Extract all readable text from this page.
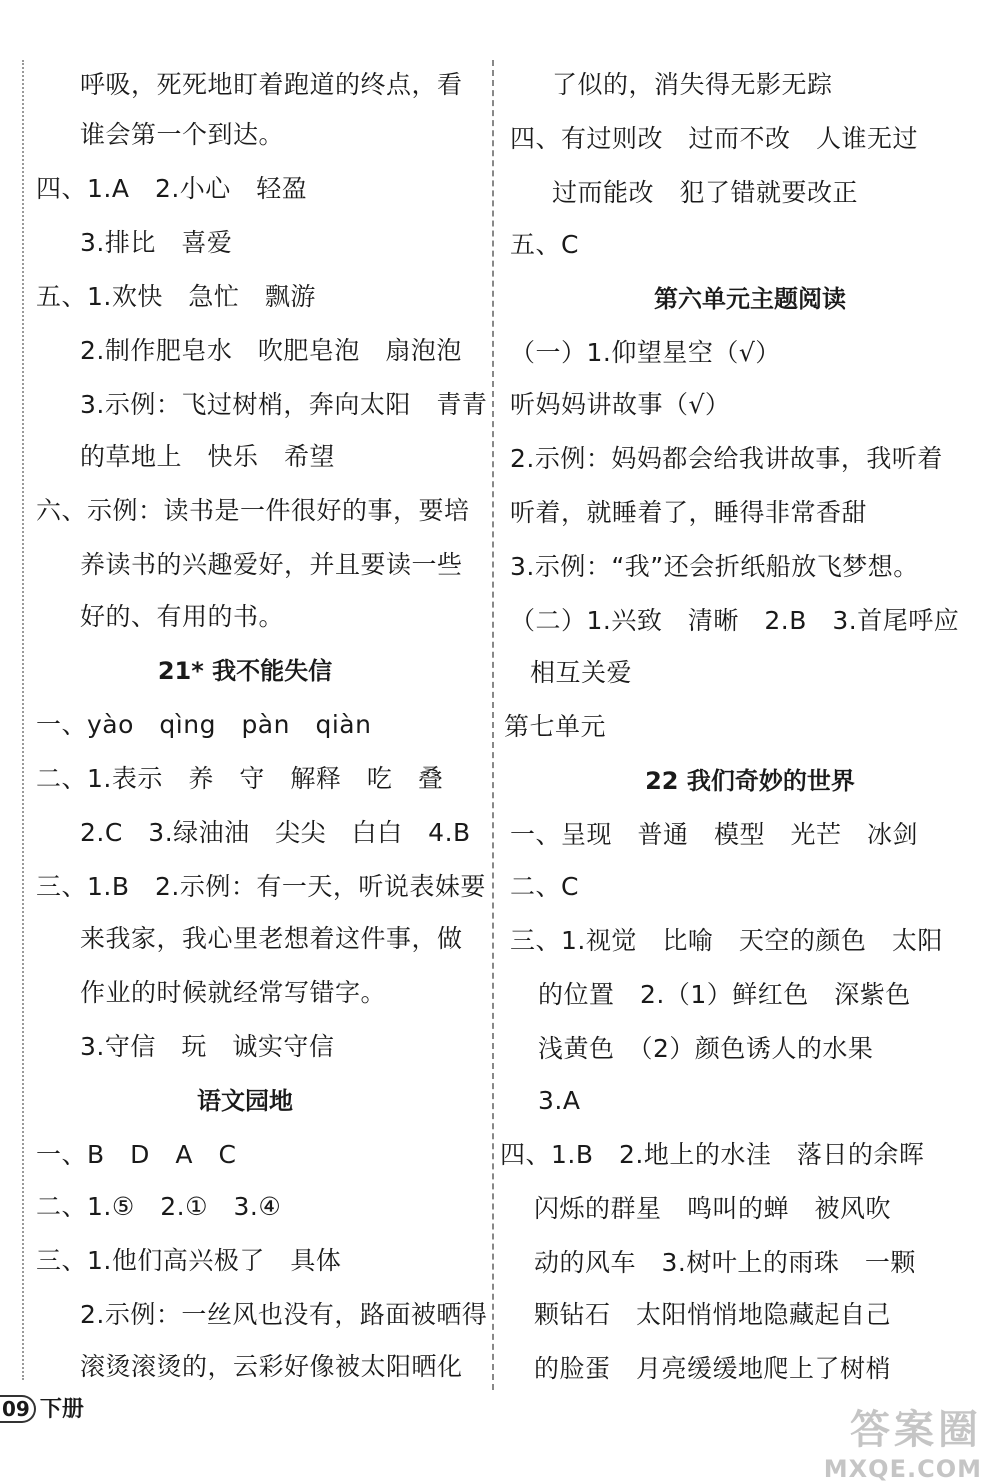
呼吸，死死地盯着跑道的终点，看
谁会第一个到达。
四、1.A　2.小心　轻盈
3.排比　喜爱
五、1.欢快　急忙　飘游
2.制作肥皂水　吹肥皂泡　扇泡泡
3.示例：飞过树梢，奔向太阳　青青
的草地上　快乐　希望
六、示例：读书是一件很好的事，要培
养读书的兴趣爱好，并且要读一些
好的、有用的书。
21* 我不能失信
一、yào　qìng　pàn　qiàn
二、1.表示　养　守　解释　吃　叠
2.C　3.绿油油　尖尖　白白　4.B
三、1.B　2.示例：有一天，听说表妹要
来我家，我心里老想着这件事，做
作业的时候就经常写错字。
3.守信　玩　诚实守信
语文园地
一、B　D　A　C
二、1.⑤　2.①　3.④
三、1.他们高兴极了　具体
2.示例：一丝风也没有，路面被晒得
滚烫滚烫的，云彩好像被太阳晒化
了似的，消失得无影无踪
四、有过则改　过而不改　人谁无过
过而能改　犯了错就要改正
五、C
第六单元主题阅读
（一）1.仰望星空（√）
听妈妈讲故事（√）
2.示例：妈妈都会给我讲故事，我听着
听着，就睡着了，睡得非常香甜
3.示例：“我”还会折纸船放飞梦想。
（二）1.兴致　清晰　2.B　3.首尾呼应
相互关爱
第七单元
22 我们奇妙的世界
一、呈现　普通　模型　光芒　冰剑
二、C
三、1.视觉　比喻　天空的颜色　太阳
的位置　2.（1）鲜红色　深紫色
浅黄色　（2）颜色诱人的水果
3.A
四、1.B　2.地上的水洼　落日的余晖
闪烁的群星　鸣叫的蝉　被风吹
动的风车　3.树叶上的雨珠　一颗
颗钻石　太阳悄悄地隐藏起自己
的脸蛋　月亮缓缓地爬上了树梢
09 下册	答案圈
MXQE.COM
